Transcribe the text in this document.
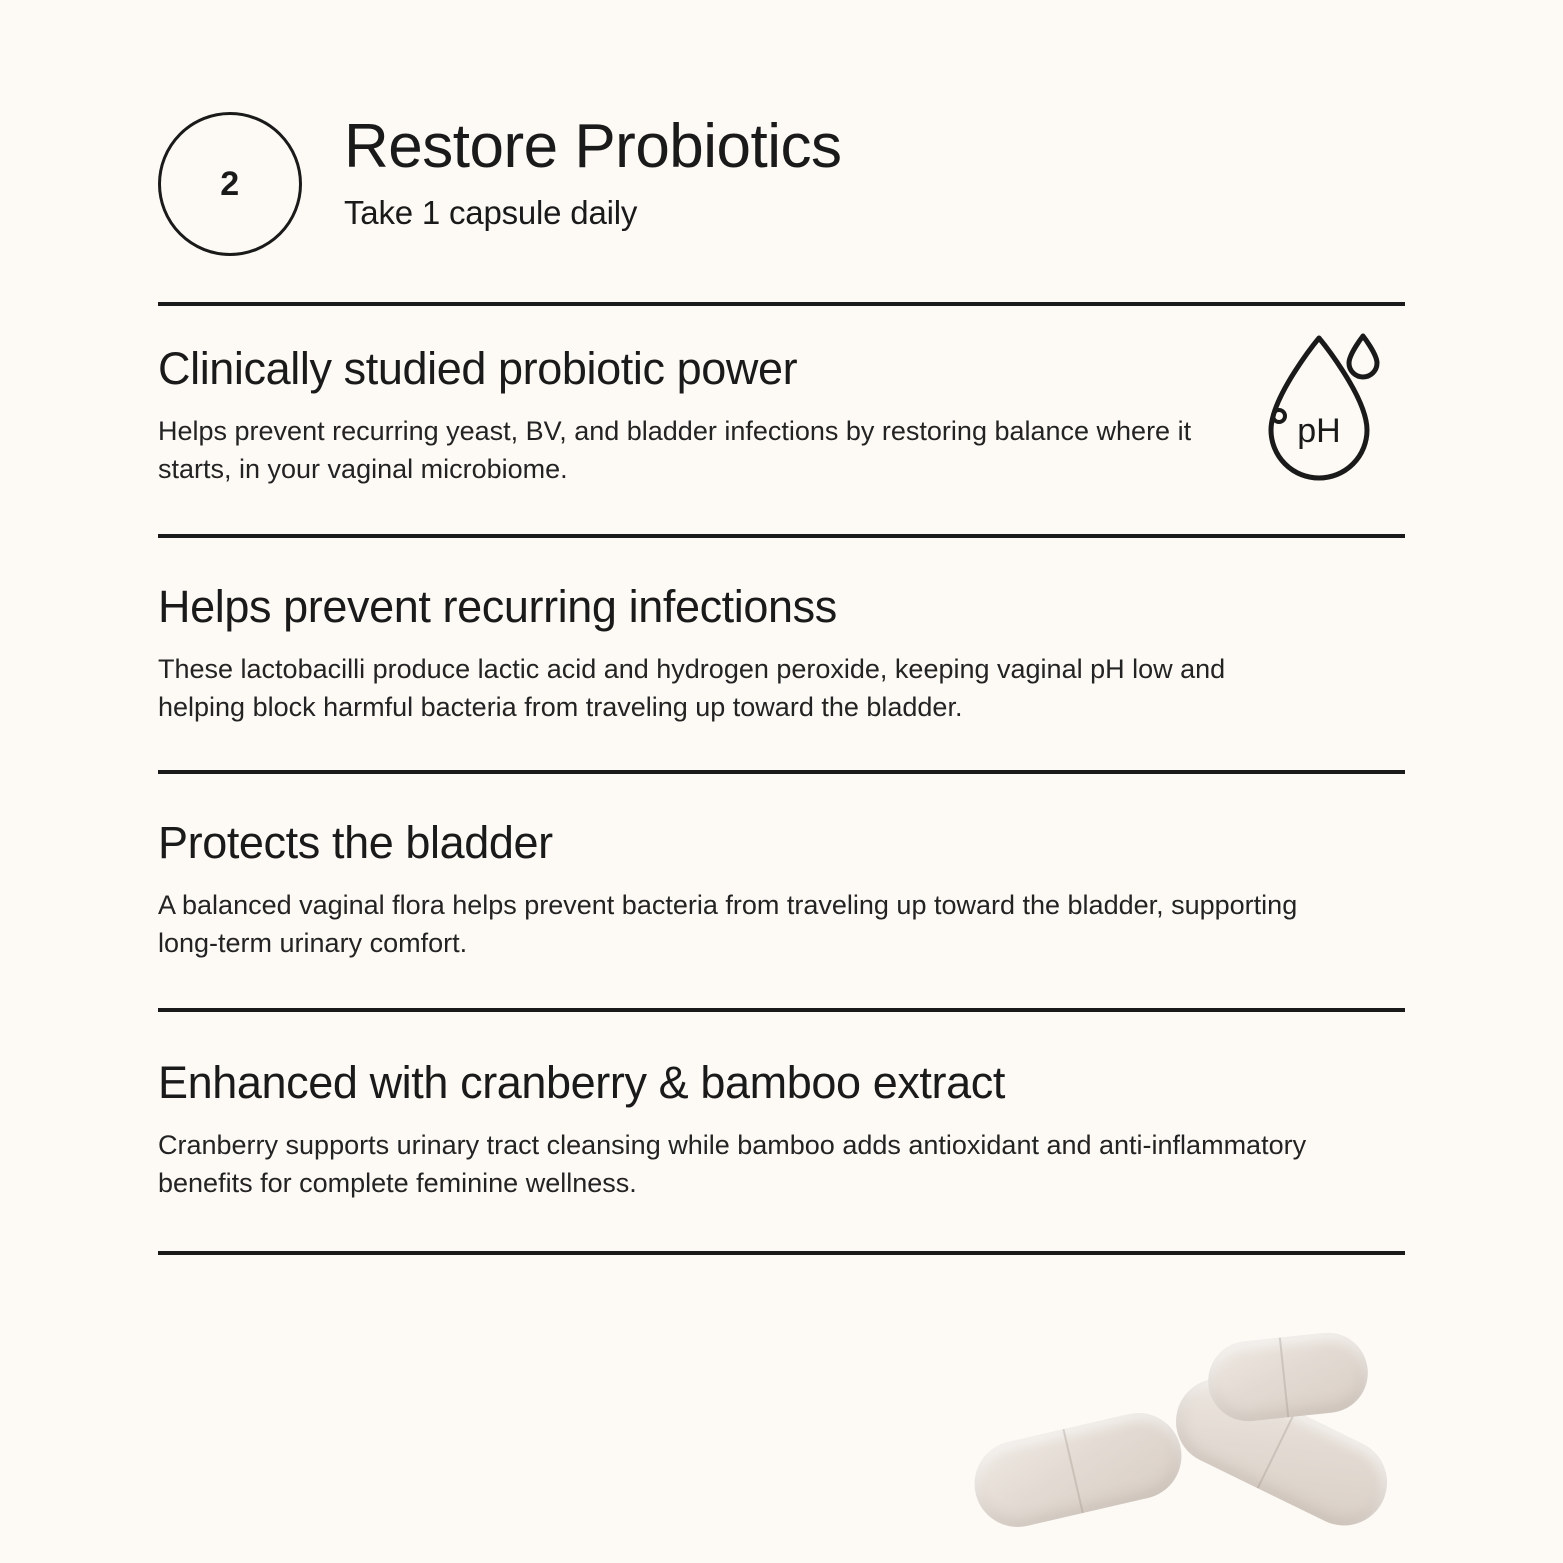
2
Restore Probiotics

Take 1 capsule daily

Clinically studied probiotic power

Helps prevent recurring yeast, BV, and bladder infections by restoring balance where it starts, in your vaginal microbiome.

pH
Helps prevent recurring infectionss

These lactobacilli produce lactic acid and hydrogen peroxide, keeping vaginal pH low and helping block harmful bacteria from traveling up toward the bladder.

Protects the bladder

A balanced vaginal flora helps prevent bacteria from traveling up toward the bladder, supporting long-term urinary comfort.

Enhanced with cranberry & bamboo extract

Cranberry supports urinary tract cleansing while bamboo adds antioxidant and anti-inflammatory benefits for complete feminine wellness.
